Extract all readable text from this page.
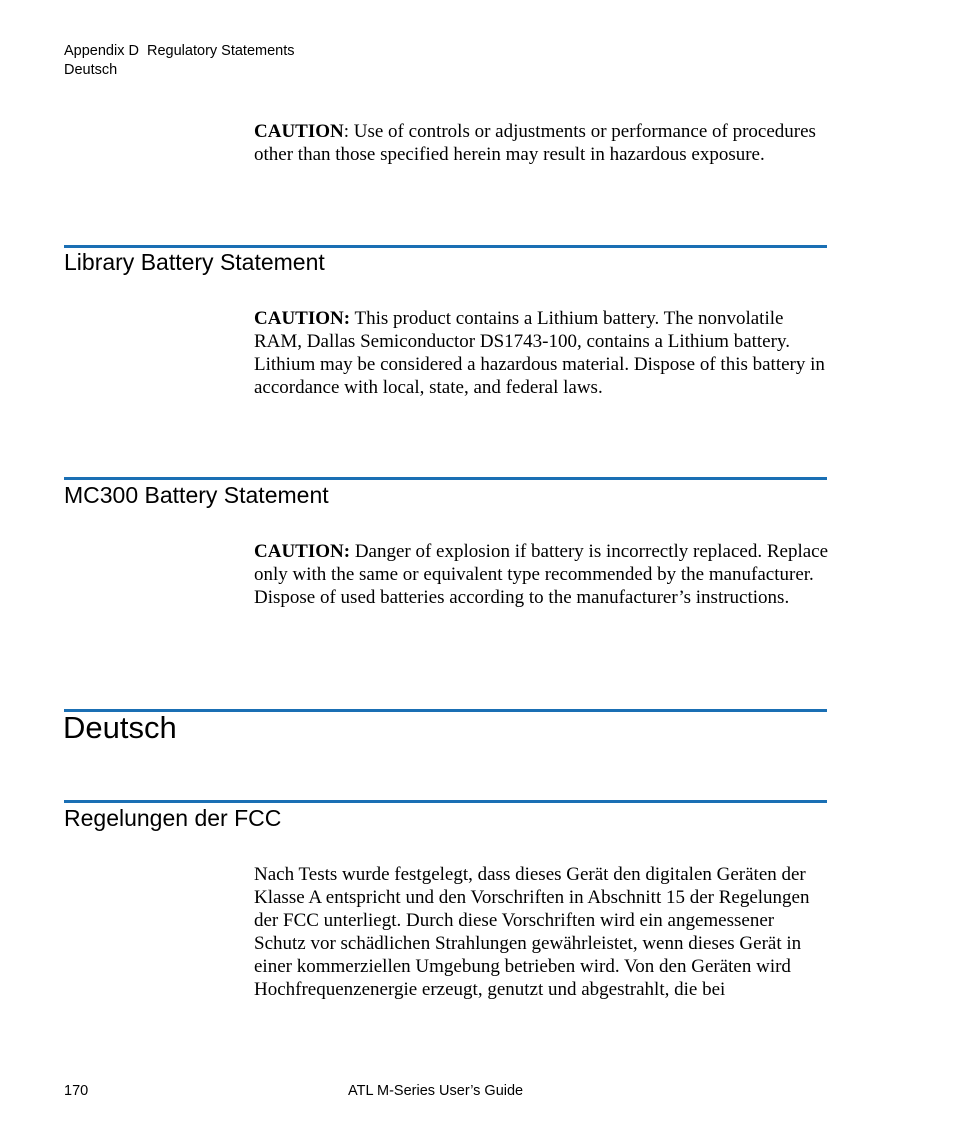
Appendix D  Regulatory Statements
Deutsch

CAUTION: Use of controls or adjustments or performance of procedures other than those specified herein may result in hazardous exposure.

Library Battery Statement

CAUTION: This product contains a Lithium battery. The nonvolatile RAM, Dallas Semiconductor DS1743-100, contains a Lithium battery. Lithium may be considered a hazardous material. Dispose of this battery in accordance with local, state, and federal laws.

MC300 Battery Statement

CAUTION: Danger of explosion if battery is incorrectly replaced. Replace only with the same or equivalent type recommended by the manufacturer. Dispose of used batteries according to the manufacturer’s instructions.

Deutsch
Regelungen der FCC

Nach Tests wurde festgelegt, dass dieses Gerät den digitalen Geräten der Klasse A entspricht und den Vorschriften in Abschnitt 15 der Regelungen der FCC unterliegt. Durch diese Vorschriften wird ein angemessener Schutz vor schädlichen Strahlungen gewährleistet, wenn dieses Gerät in einer kommerziellen Umgebung betrieben wird. Von den Geräten wird Hochfrequenzenergie erzeugt, genutzt und abgestrahlt, die bei

170	ATL M-Series User’s Guide
